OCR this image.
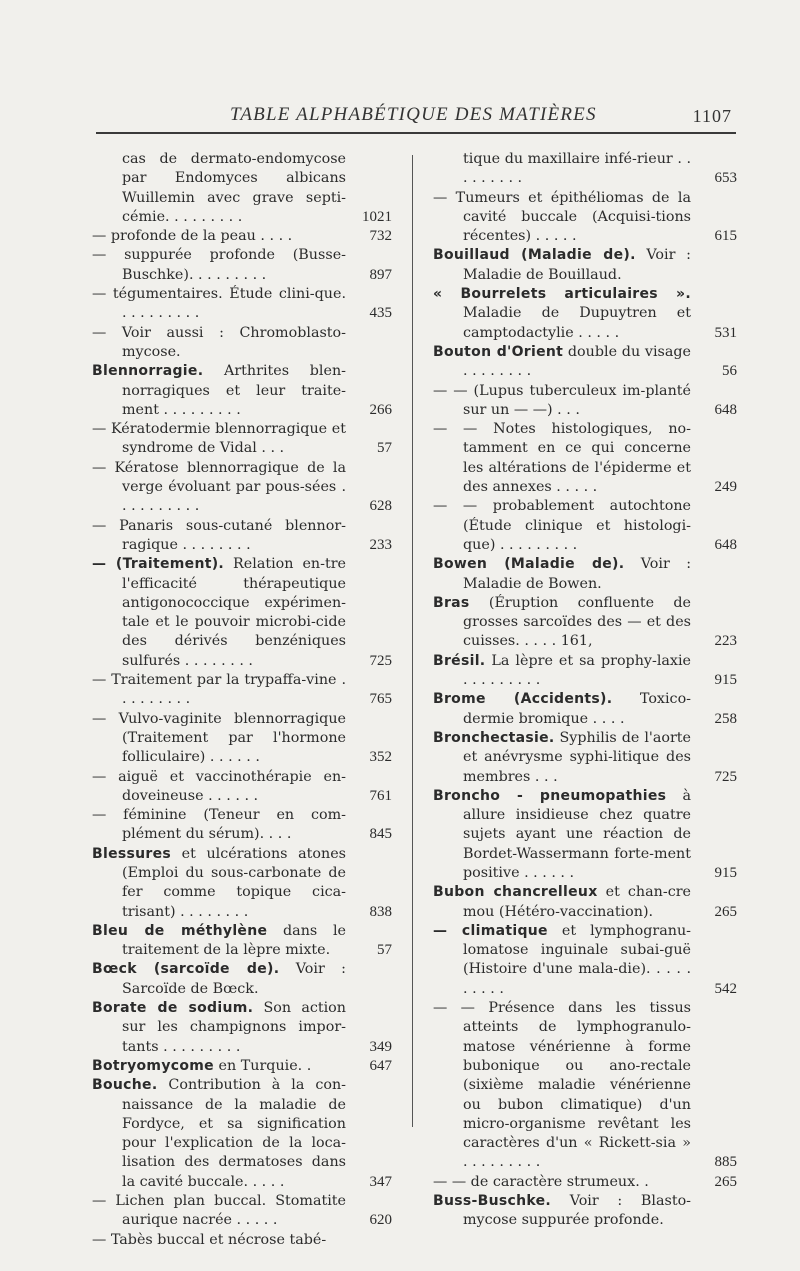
TABLE ALPHABÉTIQUE DES MATIÈRES	1107
cas de dermato-endomycose par Endomyces albicans Wuillemin avec grave septi-cémie. . . . . . . . .	1021
— profonde de la peau . . . .	732
— suppurée profonde (Busse-Buschke). . . . . . . . .	897
— tégumentaires. Étude clini-que. . . . . . . . . .	435
— Voir aussi : Chromoblasto-mycose.
Blennorragie. Arthrites blen-norragiques et leur traite-ment . . . . . . . . .	266
— Kératodermie blennorragique et syndrome de Vidal . . .	57
— Kératose blennorragique de la verge évoluant par pous-sées . . . . . . . . . .	628
— Panaris sous-cutané blennor-ragique . . . . . . . .	233
— (Traitement). Relation en-tre l'efficacité thérapeutique antigonococcique expérimen-tale et le pouvoir microbi-cide des dérivés benzéniques sulfurés . . . . . . . .	725
— Traitement par la trypaffa-vine . . . . . . . . .	765
— Vulvo-vaginite blennorragique (Traitement par l'hormone folliculaire) . . . . . .	352
— aiguë et vaccinothérapie en-doveineuse . . . . . .	761
— féminine (Teneur en com-plément du sérum). . . .	845
Blessures et ulcérations atones (Emploi du sous-carbonate de fer comme topique cica-trisant) . . . . . . . .	838
Bleu de méthylène dans le traitement de la lèpre mixte.	57
Bœck (sarcoïde de). Voir : Sarcoïde de Bœck.
Borate de sodium. Son action sur les champignons impor-tants . . . . . . . . .	349
Botryomycome en Turquie. .	647
Bouche. Contribution à la con-naissance de la maladie de Fordyce, et sa signification pour l'explication de la loca-lisation des dermatoses dans la cavité buccale. . . . .	347
— Lichen plan buccal. Stomatite aurique nacrée . . . . .	620
— Tabès buccal et nécrose tabé-
tique du maxillaire infé-rieur . . . . . . . . .	653
— Tumeurs et épithéliomas de la cavité buccale (Acquisi-tions récentes) . . . . .	615
Bouillaud (Maladie de). Voir : Maladie de Bouillaud.
« Bourrelets articulaires ». Maladie de Dupuytren et camptodactylie . . . . .	531
Bouton d'Orient double du visage . . . . . . . .	56
— — (Lupus tuberculeux im-planté sur un — —) . . .	648
— — Notes histologiques, no-tamment en ce qui concerne les altérations de l'épiderme et des annexes . . . . .	249
— — probablement autochtone (Étude clinique et histologi-que) . . . . . . . . .	648
Bowen (Maladie de). Voir : Maladie de Bowen.
Bras (Éruption confluente de grosses sarcoïdes des — et des cuisses. . . . . 161,	223
Brésil. La lèpre et sa prophy-laxie . . . . . . . . .	915
Brome (Accidents). Toxico-dermie bromique . . . .	258
Bronchectasie. Syphilis de l'aorte et anévrysme syphi-litique des membres . . .	725
Broncho - pneumopathies à allure insidieuse chez quatre sujets ayant une réaction de Bordet-Wassermann forte-ment positive . . . . . .	915
Bubon chancrelleux et chan-cre mou (Hétéro-vaccination).	265
— climatique et lymphogranu-lomatose inguinale subai-guë (Histoire d'une mala-die). . . . . . . . . .	542
— — Présence dans les tissus atteints de lymphogranulo-matose vénérienne à forme bubonique ou ano-rectale (sixième maladie vénérienne ou bubon climatique) d'un micro-organisme revêtant les caractères d'un « Rickett-sia » . . . . . . . . .	885
— — de caractère strumeux. .	265
Buss-Buschke. Voir : Blasto-mycose suppurée profonde.
